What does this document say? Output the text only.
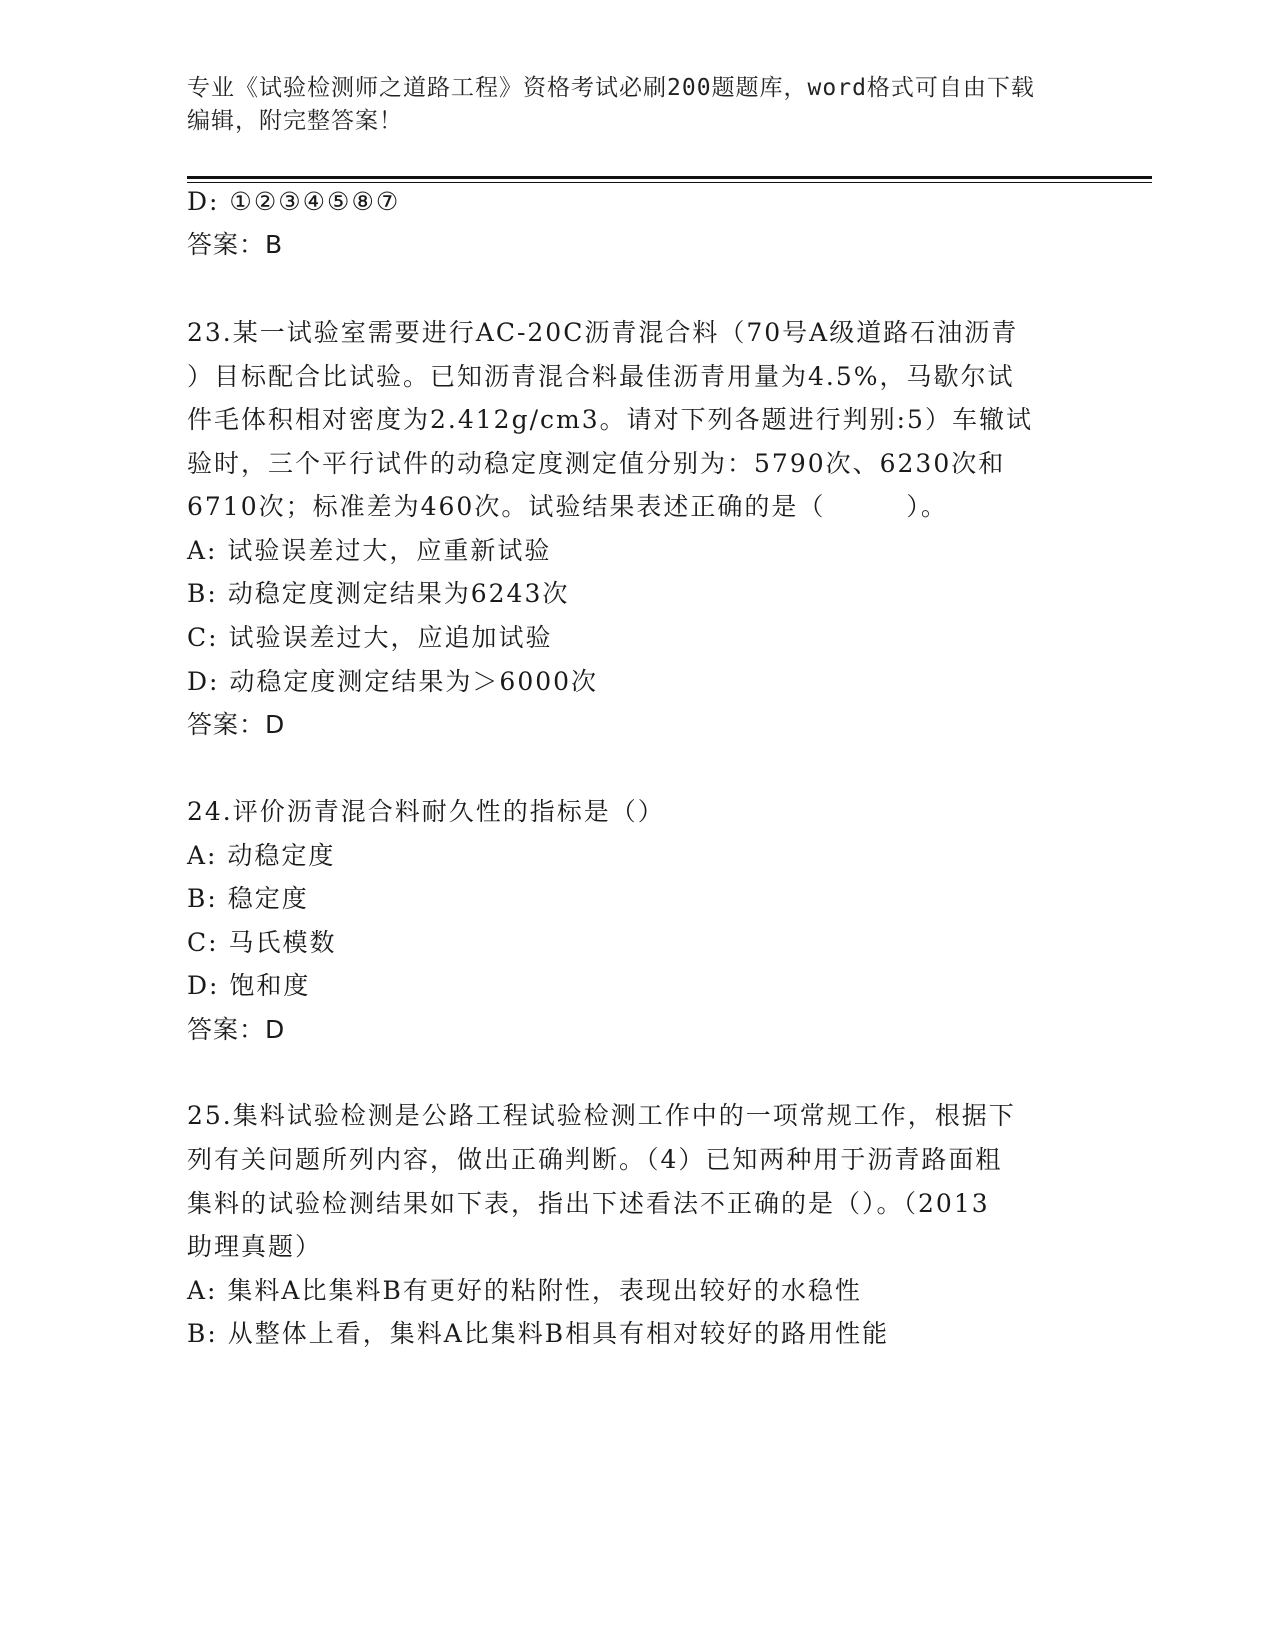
专业《试验检测师之道路工程》资格考试必刷200题题库，word格式可自由下载
编辑，附完整答案！
D: ①②③④⑤⑧⑦
答案：B
23.某一试验室需要进行AC-20C沥青混合料（70号A级道路石油沥青
）目标配合比试验。已知沥青混合料最佳沥青用量为4.5%，马歇尔试
件毛体积相对密度为2.412g/cm3。请对下列各题进行判别:5）车辙试
验时，三个平行试件的动稳定度测定值分别为：5790次、6230次和
6710次；标准差为460次。试验结果表述正确的是（　　　）。
A: 试验误差过大，应重新试验
B: 动稳定度测定结果为6243次
C: 试验误差过大，应追加试验
D: 动稳定度测定结果为＞6000次
答案：D
24.评价沥青混合料耐久性的指标是（）
A: 动稳定度
B: 稳定度
C: 马氏模数
D: 饱和度
答案：D
25.集料试验检测是公路工程试验检测工作中的一项常规工作，根据下
列有关问题所列内容，做出正确判断。（4）已知两种用于沥青路面粗
集料的试验检测结果如下表，指出下述看法不正确的是（）。（2013
助理真题）
A: 集料A比集料B有更好的粘附性，表现出较好的水稳性
B: 从整体上看，集料A比集料B相具有相对较好的路用性能
